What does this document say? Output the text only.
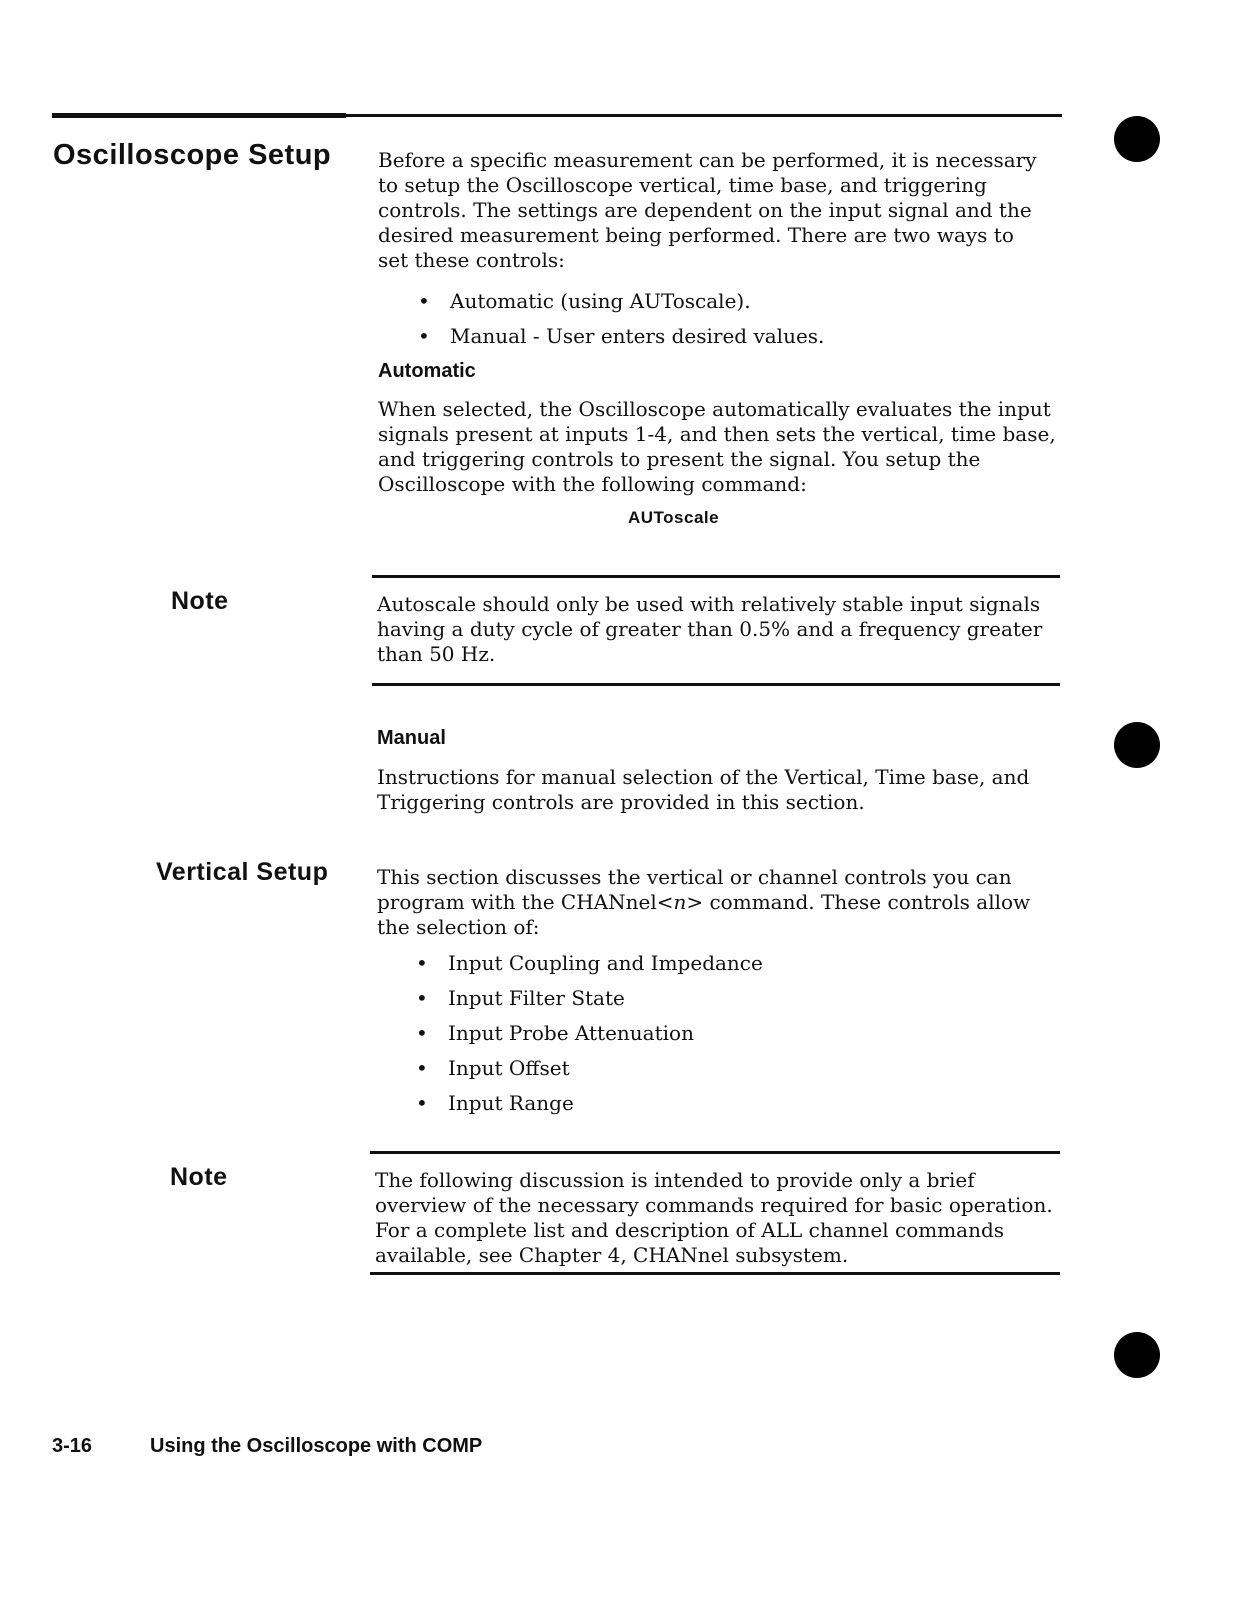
Oscilloscope Setup Before a specific measurement can be performed, it is necessary to setup the Oscilloscope vertical, time base, and triggering controls. The settings are dependent on the input signal and the desired measurement being performed. There are two ways to set these controls:

• Automatic (using AUToscale).
• Manual - User enters desired values.
Automatic

When selected, the Oscilloscope automatically evaluates the input signals present at inputs 1-4, and then sets the vertical, time base, and triggering controls to present the signal. You setup the Oscilloscope with the following command:

AUToscale
Note	Autoscale should only be used with relatively stable input signals having a duty cycle of greater than 0.5% and a frequency greater than 50 Hz.

Manual

Instructions for manual selection of the Vertical, Time base, and Triggering controls are provided in this section.

Vertical Setup This section discusses the vertical or channel controls you can program with the CHANnel<n> command. These controls allow the selection of:

• Input Coupling and Impedance
• Input Filter State
• Input Probe Attenuation
• Input Offset
• Input Range
Note	The following discussion is intended to provide only a brief overview of the necessary commands required for basic operation. For a complete list and description of ALL channel commands available, see Chapter 4, CHANnel subsystem.

3-16	Using the Oscilloscope with COMP
